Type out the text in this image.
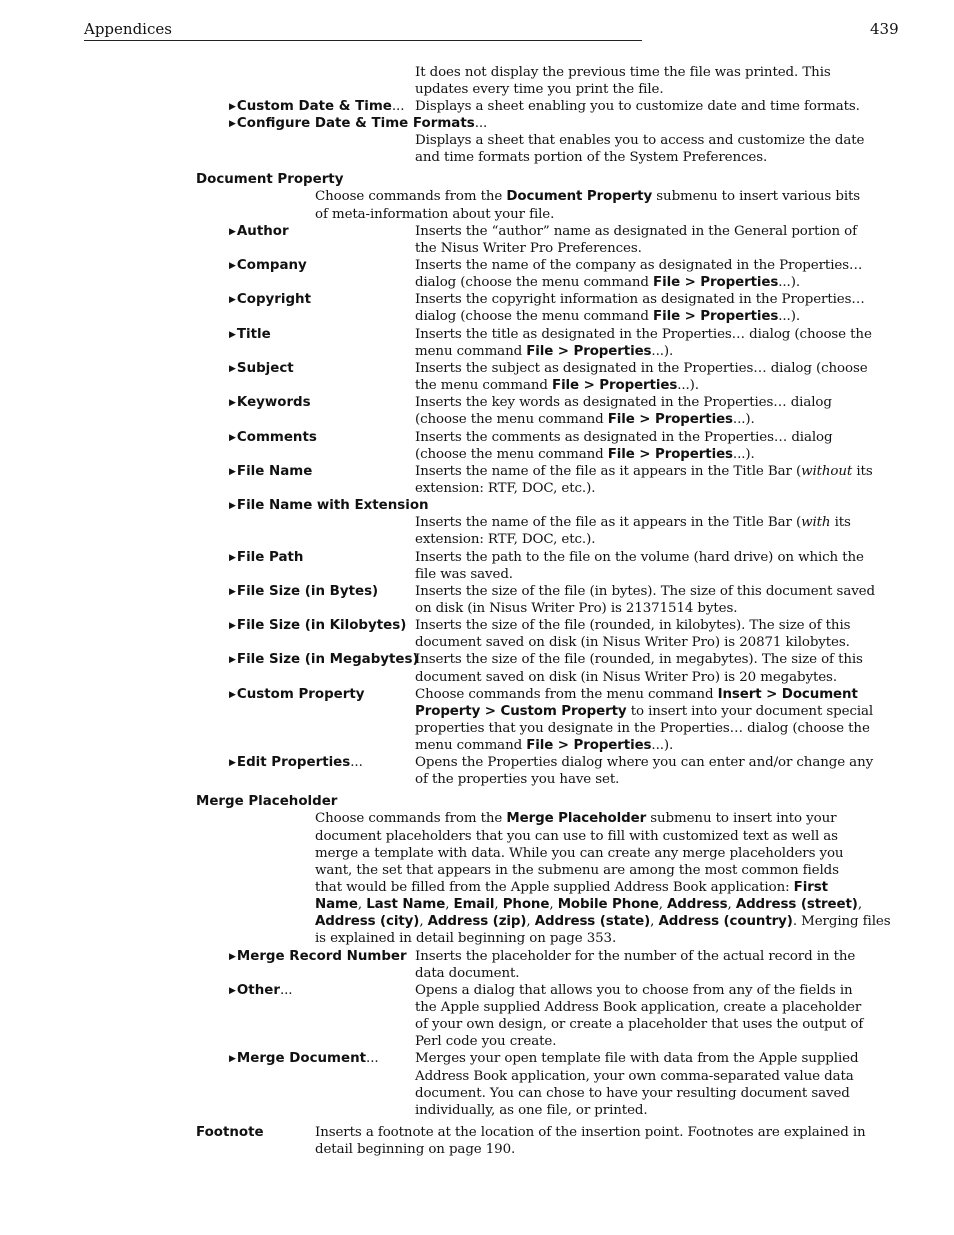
Appendices	439
It does not display the previous time the file was printed. This
updates every time you print the file.
▶Custom Date & Time... Displays a sheet enabling you to customize date and time formats.
▶Configure Date & Time Formats...
Displays a sheet that enables you to access and customize the date
and time formats portion of the System Preferences.
Document Property
Choose commands from the Document Property submenu to insert various bits
of meta-information about your file.
▶Author	Inserts the “author” name as designated in the General portion of
the Nisus Writer Pro Preferences.
▶Company	Inserts the name of the company as designated in the Properties…
dialog (choose the menu command File > Properties...).
▶Copyright	Inserts the copyright information as designated in the Properties…
dialog (choose the menu command File > Properties...).
▶Title	Inserts the title as designated in the Properties… dialog (choose the
menu command File > Properties...).
▶Subject	Inserts the subject as designated in the Properties… dialog (choose
the menu command File > Properties...).
▶Keywords	Inserts the key words as designated in the Properties… dialog
(choose the menu command File > Properties...).
▶Comments	Inserts the comments as designated in the Properties… dialog
(choose the menu command File > Properties...).
▶File Name	Inserts the name of the file as it appears in the Title Bar (without its
extension: RTF, DOC, etc.).
▶File Name with Extension
Inserts the name of the file as it appears in the Title Bar (with its
extension: RTF, DOC, etc.).
▶File Path	Inserts the path to the file on the volume (hard drive) on which the
file was saved.
▶File Size (in Bytes)	Inserts the size of the file (in bytes). The size of this document saved
on disk (in Nisus Writer Pro) is 21371514 bytes.
▶File Size (in Kilobytes) Inserts the size of the file (rounded, in kilobytes). The size of this
document saved on disk (in Nisus Writer Pro) is 20871 kilobytes.
▶File Size (in Megabytes)
Inserts the size of the file (rounded, in megabytes). The size of this
document saved on disk (in Nisus Writer Pro) is 20 megabytes.
▶Custom Property	Choose commands from the menu command Insert > Document
Property > Custom Property to insert into your document special
properties that you designate in the Properties… dialog (choose the
menu command File > Properties...).
▶Edit Properties...	Opens the Properties dialog where you can enter and/or change any
of the properties you have set.
Merge Placeholder
Choose commands from the Merge Placeholder submenu to insert into your
document placeholders that you can use to fill with customized text as well as
merge a template with data. While you can create any merge placeholders you
want, the set that appears in the submenu are among the most common fields
that would be filled from the Apple supplied Address Book application: First
Name, Last Name, Email, Phone, Mobile Phone, Address, Address (street),
Address (city), Address (zip), Address (state), Address (country). Merging files
is explained in detail beginning on page 353.
▶Merge Record Number Inserts the placeholder for the number of the actual record in the
data document.
▶Other...	Opens a dialog that allows you to choose from any of the fields in
the Apple supplied Address Book application, create a placeholder
of your own design, or create a placeholder that uses the output of
Perl code you create.
▶Merge Document...	Merges your open template file with data from the Apple supplied
Address Book application, your own comma-separated value data
document. You can chose to have your resulting document saved
individually, as one file, or printed.
Footnote	Inserts a footnote at the location of the insertion point. Footnotes are explained in
detail beginning on page 190.
